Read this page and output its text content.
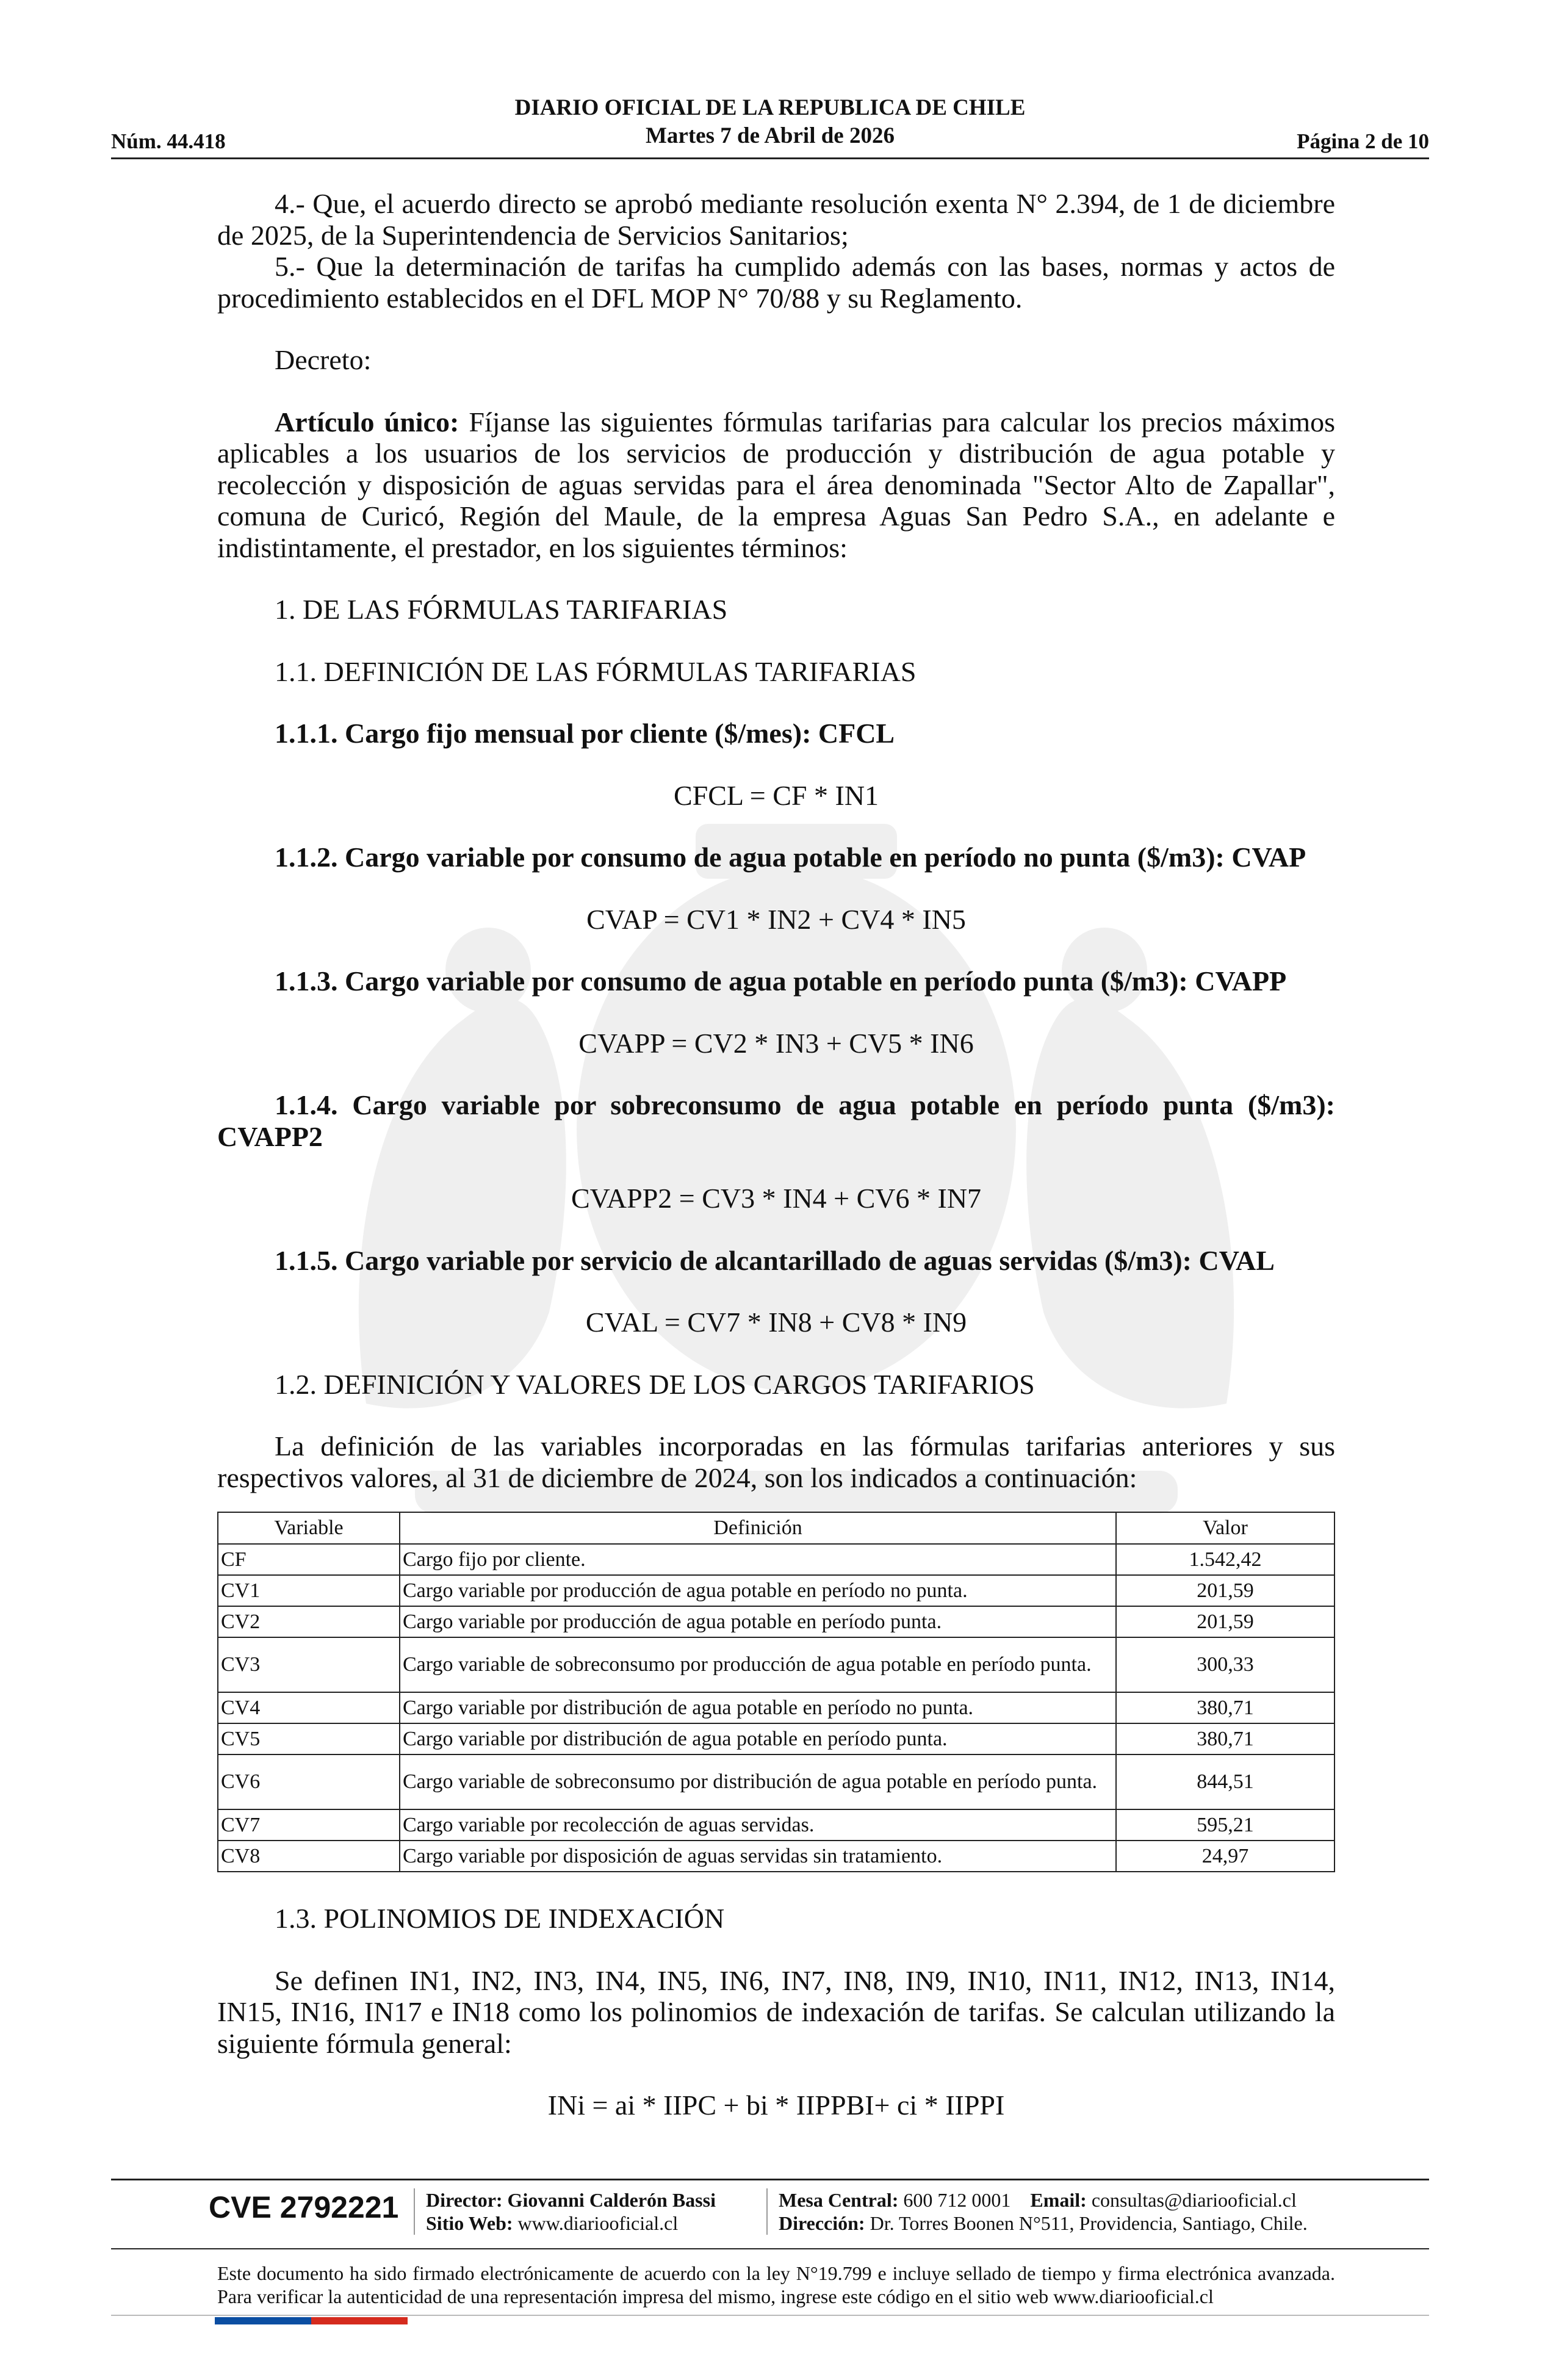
DIARIO OFICIAL DE LA REPUBLICA DE CHILE
Martes 7 de Abril de 2026
Núm. 44.418	Página 2 de 10

4.- Que, el acuerdo directo se aprobó mediante resolución exenta N° 2.394, de 1 de diciembre de 2025, de la Superintendencia de Servicios Sanitarios;

5.- Que la determinación de tarifas ha cumplido además con las bases, normas y actos de procedimiento establecidos en el DFL MOP N° 70/88 y su Reglamento.

Decreto:

Artículo único: Fíjanse las siguientes fórmulas tarifarias para calcular los precios máximos aplicables a los usuarios de los servicios de producción y distribución de agua potable y recolección y disposición de aguas servidas para el área denominada "Sector Alto de Zapallar", comuna de Curicó, Región del Maule, de la empresa Aguas San Pedro S.A., en adelante e indistintamente, el prestador, en los siguientes términos:

1. DE LAS FÓRMULAS TARIFARIAS

1.1. DEFINICIÓN DE LAS FÓRMULAS TARIFARIAS

1.1.1. Cargo fijo mensual por cliente ($/mes): CFCL

CFCL = CF * IN1

1.1.2. Cargo variable por consumo de agua potable en período no punta ($/m3): CVAP

CVAP = CV1 * IN2 + CV4 * IN5

1.1.3. Cargo variable por consumo de agua potable en período punta ($/m3): CVAPP

CVAPP = CV2 * IN3 + CV5 * IN6

1.1.4. Cargo variable por sobreconsumo de agua potable en período punta ($/m3): CVAPP2

CVAPP2 = CV3 * IN4 + CV6 * IN7

1.1.5. Cargo variable por servicio de alcantarillado de aguas servidas ($/m3): CVAL

CVAL = CV7 * IN8 + CV8 * IN9

1.2. DEFINICIÓN Y VALORES DE LOS CARGOS TARIFARIOS

La definición de las variables incorporadas en las fórmulas tarifarias anteriores y sus respectivos valores, al 31 de diciembre de 2024, son los indicados a continuación:

Variable	Definición	Valor
CF	Cargo fijo por cliente.	1.542,42
CV1	Cargo variable por producción de agua potable en período no punta.	201,59
CV2	Cargo variable por producción de agua potable en período punta.	201,59
CV3	Cargo variable de sobreconsumo por producción de agua potable en período punta.	300,33
CV4	Cargo variable por distribución de agua potable en período no punta.	380,71
CV5	Cargo variable por distribución de agua potable en período punta.	380,71
CV6	Cargo variable de sobreconsumo por distribución de agua potable en período punta.	844,51
CV7	Cargo variable por recolección de aguas servidas.	595,21
CV8	Cargo variable por disposición de aguas servidas sin tratamiento.	24,97

1.3. POLINOMIOS DE INDEXACIÓN

Se definen IN1, IN2, IN3, IN4, IN5, IN6, IN7, IN8, IN9, IN10, IN11, IN12, IN13, IN14, IN15, IN16, IN17 e IN18 como los polinomios de indexación de tarifas. Se calculan utilizando la siguiente fórmula general:

INi = ai * IIPC + bi * IIPPBI+ ci * IIPPI

CVE 2792221 Director: Giovanni Calderón Bassi
Sitio Web: www.diariooficial.cl
Mesa Central: 600 712 0001 Email: consultas@diariooficial.cl
Dirección: Dr. Torres Boonen N°511, Providencia, Santiago, Chile.
Este documento ha sido firmado electrónicamente de acuerdo con la ley N°19.799 e incluye sellado de tiempo y firma electrónica avanzada. Para verificar la autenticidad de una representación impresa del mismo, ingrese este código en el sitio web www.diariooficial.cl
